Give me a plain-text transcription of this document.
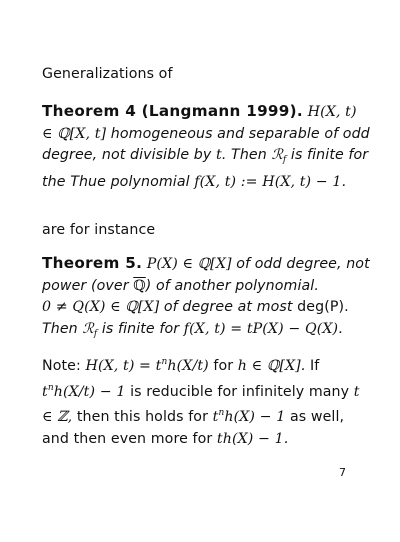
Generalizations of
Theorem 4 (Langmann 1999). H(X, t) ∈ ℚ[X, t] homogeneous and separable of odd degree, not divisible by t. Then ℛ$_f$ is finite for the Thue polynomial f(X, t) := H(X, t) − 1.
are for instance
Theorem 5. P(X) ∈ ℚ[X] of odd degree, not power (over ℚ) of another polynomial.
0 ≠ Q(X) ∈ ℚ[X] of degree at most deg(P).
Then ℛ$_f$ is finite for f(X, t) = tP(X) − Q(X).
Note: H(X, $t) = t^nh(X/t)$ for h ∈ ℚ[X]. If $t^nh(X/t) - 1$ is reducible for infinitely many t ∈ ℤ, then this holds for $t^nh(X) - 1$ as well, and then even more for th(X) − 1.
7
